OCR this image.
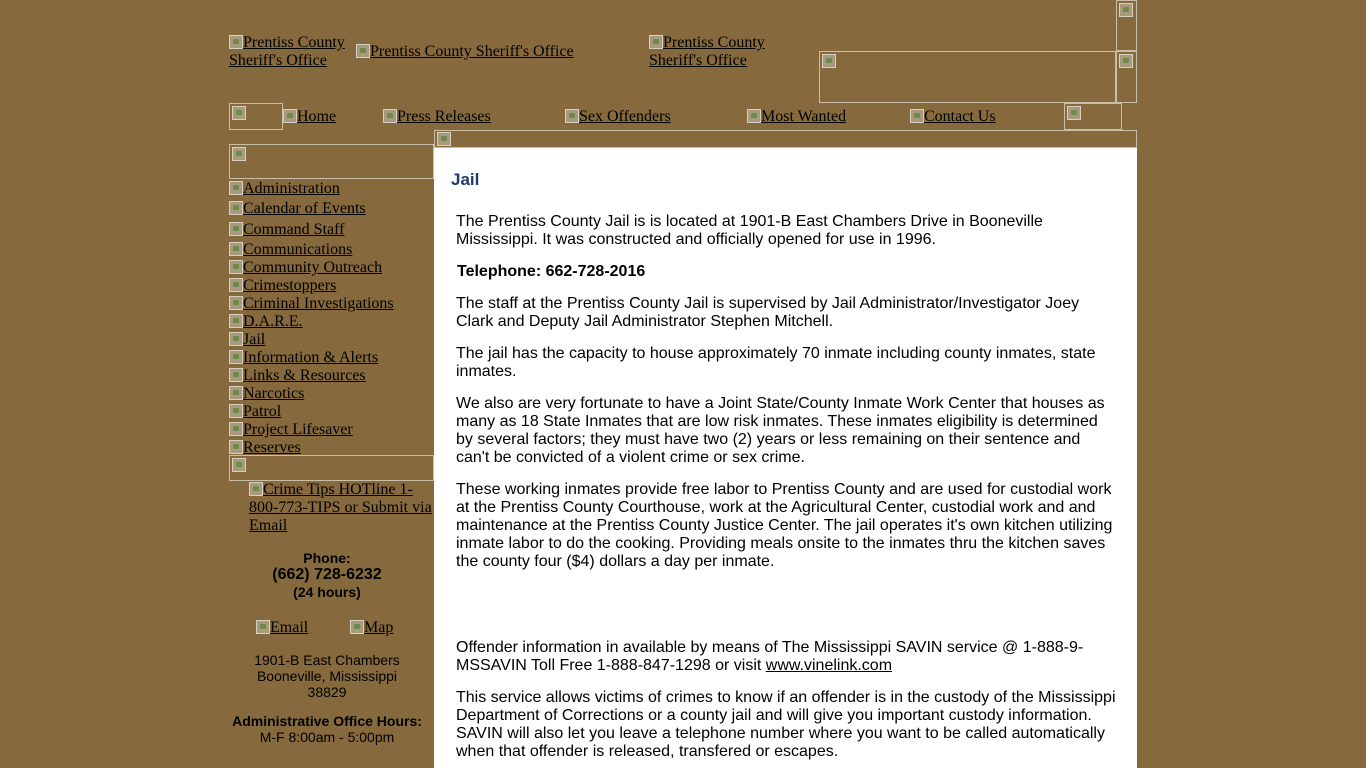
Prentiss County Sheriff's Office
Prentiss County Sheriff's Office
Prentiss County Sheriff's Office
Home	Press Releases	Sex Offenders	Most Wanted	Contact Us
Administration
Calendar of Events
Command Staff
Communications
Community Outreach
Crimestoppers
Criminal Investigations
D.A.R.E.
Jail
Information & Alerts
Links & Resources
Narcotics
Patrol
Project Lifesaver
Reserves
Crime Tips HOTline 1-800-773-TIPS or Submit via Email
Phone:
(662) 728-6232
(24 hours)
Email	Map
1901-B East Chambers
Booneville, Mississippi
38829
Administrative Office Hours:
M-F 8:00am - 5:00pm
Jail

The Prentiss County Jail is is located at 1901-B East Chambers Drive in Booneville Mississippi. It was constructed and officially opened for use in 1996.

Telephone: 662-728-2016

The staff at the Prentiss County Jail is supervised by Jail Administrator/Investigator Joey Clark and Deputy Jail Administrator Stephen Mitchell.

The jail has the capacity to house approximately 70 inmate including county inmates, state inmates.

We also are very fortunate to have a Joint State/County Inmate Work Center that houses as many as 18 State Inmates that are low risk inmates. These inmates eligibility is determined by several factors; they must have two (2) years or less remaining on their sentence and can't be convicted of a violent crime or sex crime.

These working inmates provide free labor to Prentiss County and are used for custodial work at the Prentiss County Courthouse, work at the Agricultural Center, custodial work and and maintenance at the Prentiss County Justice Center. The jail operates it's own kitchen utilizing inmate labor to do the cooking. Providing meals onsite to the inmates thru the kitchen saves the county four ($4) dollars a day per inmate.

Offender information in available by means of The Mississippi SAVIN service @ 1-888-9-MSSAVIN Toll Free 1-888-847-1298 or visit www.vinelink.com

This service allows victims of crimes to know if an offender is in the custody of the Mississippi Department of Corrections or a county jail and will give you important custody information. SAVIN will also let you leave a telephone number where you want to be called automatically when that offender is released, transfered or escapes.
